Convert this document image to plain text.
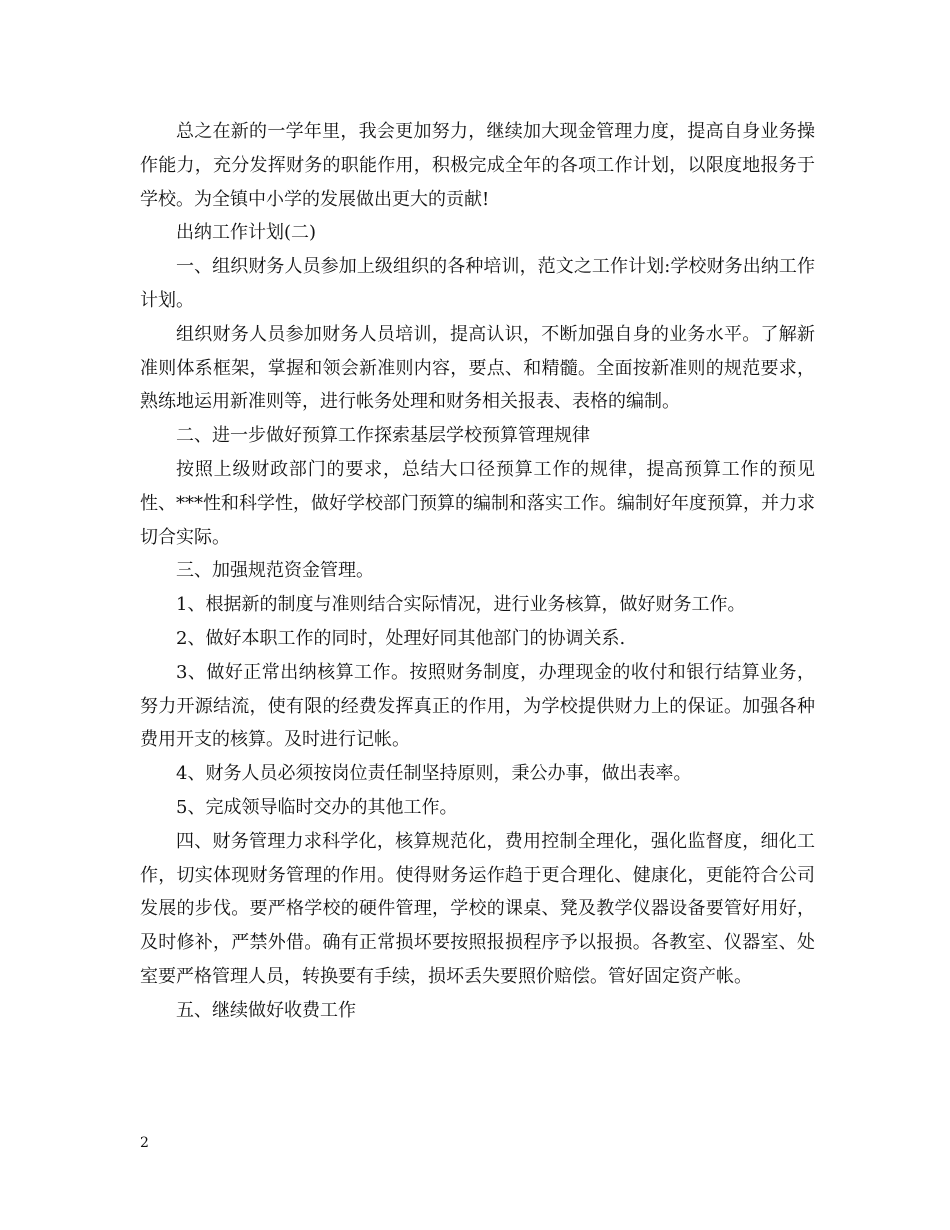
总之在新的一学年里，我会更加努力，继续加大现金管理力度，提高自身业务操作能力，充分发挥财务的职能作用，积极完成全年的各项工作计划，以限度地报务于学校。为全镇中小学的发展做出更大的贡献!

出纳工作计划(二)

一、组织财务人员参加上级组织的各种培训，范文之工作计划:学校财务出纳工作计划。

组织财务人员参加财务人员培训，提高认识，不断加强自身的业务水平。了解新准则体系框架，掌握和领会新准则内容，要点、和精髓。全面按新准则的规范要求，熟练地运用新准则等，进行帐务处理和财务相关报表、表格的编制。

二、进一步做好预算工作探索基层学校预算管理规律

按照上级财政部门的要求，总结大口径预算工作的规律，提高预算工作的预见性、***性和科学性，做好学校部门预算的编制和落实工作。编制好年度预算，并力求切合实际。

三、加强规范资金管理。

1、根据新的制度与准则结合实际情况，进行业务核算，做好财务工作。

2、做好本职工作的同时，处理好同其他部门的协调关系.

3、做好正常出纳核算工作。按照财务制度，办理现金的收付和银行结算业务，努力开源结流，使有限的经费发挥真正的作用，为学校提供财力上的保证。加强各种费用开支的核算。及时进行记帐。

4、财务人员必须按岗位责任制坚持原则，秉公办事，做出表率。

5、完成领导临时交办的其他工作。

四、财务管理力求科学化，核算规范化，费用控制全理化，强化监督度，细化工作，切实体现财务管理的作用。使得财务运作趋于更合理化、健康化，更能符合公司发展的步伐。要严格学校的硬件管理，学校的课桌、凳及教学仪器设备要管好用好，及时修补，严禁外借。确有正常损坏要按照报损程序予以报损。各教室、仪器室、处室要严格管理人员，转换要有手续，损坏丢失要照价赔偿。管好固定资产帐。

五、继续做好收费工作

2
